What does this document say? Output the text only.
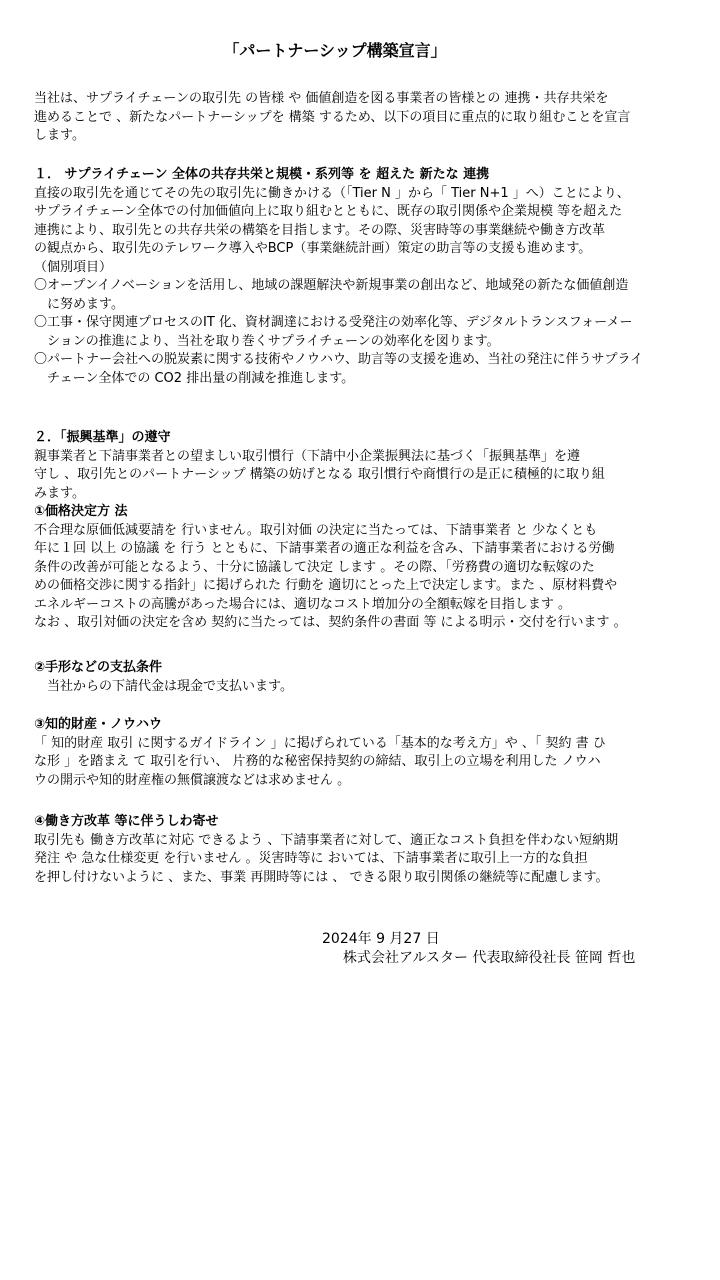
「パートナーシップ構築宣言」
当社は、サプライチェーンの取引先 の皆様 や 価値創造を図る事業者の皆様との 連携・共存共栄を
進めることで 、新たなパートナーシップを 構築 するため、以下の項目に重点的に取り組むことを宣言
します。
１． サプライチェーン 全体の共存共栄と規模・系列等 を 超えた 新たな 連携
直接の取引先を通じてその先の取引先に働きかける（「Tier N 」から「 Tier N+1 」へ）ことにより、
サプライチェーン全体での付加価値向上に取り組むとともに、既存の取引関係や企業規模 等を超えた
連携により、取引先との共存共栄の構築を目指します。その際、災害時等の事業継続や働き方改革
の観点から、取引先のテレワーク導入やBCP（事業継続計画）策定の助言等の支援も進めます。
（個別項目）
〇オープンイノベーションを活用し、地域の課題解決や新規事業の創出など、地域発の新たな価値創造
　に努めます。
〇工事・保守関連プロセスのIT 化、資材調達における受発注の効率化等、デジタルトランスフォーメー
　ションの推進により、当社を取り巻くサプライチェーンの効率化を図ります。
〇パートナー会社への脱炭素に関する技術やノウハウ、助言等の支援を進め、当社の発注に伴うサプライ
　チェーン全体での CO2 排出量の削減を推進します。
２．「振興基準」の遵守
親事業者と下請事業者との望ましい取引慣行（下請中小企業振興法に基づく「振興基準」を遵
守し 、取引先とのパートナーシップ 構築の妨げとなる 取引慣行や商慣行の是正に積極的に取り組
みます。
①価格決定方 法
不合理な原価低減要請を 行いません。取引対価 の決定に当たっては、下請事業者 と 少なくとも
年に１回 以上 の協議 を 行う とともに、下請事業者の適正な利益を含み、下請事業者における労働
条件の改善が可能となるよう、十分に協議して決定 します 。その際、「労務費の適切な転嫁のた
めの価格交渉に関する指針」に掲げられた 行動を 適切にとった上で決定します。また 、原材料費や
エネルギーコストの高騰があった場合には、適切なコスト増加分の全額転嫁を目指します 。
なお 、取引対価の決定を含め 契約に当たっては、契約条件の書面 等 による明示・交付を行います 。
②手形などの支払条件
　当社からの下請代金は現金で支払います。
③知的財産・ノウハウ
「 知的財産 取引 に関するガイドライン 」に掲げられている「基本的な考え方」や 、「 契約 書 ひ
な形 」を踏まえ て 取引を行い、 片務的な秘密保持契約の締結、取引上の立場を利用した ノウハ
ウの開示や知的財産権の無償譲渡などは求めません 。
④働き方改革 等に伴うしわ寄せ
取引先も 働き方改革に対応 できるよう 、下請事業者に対して、適正なコスト負担を伴わない短納期
発注 や 急な仕様変更 を行いません 。災害時等に おいては、下請事業者に取引上一方的な負担
を押し付けないように 、また、事業 再開時等には 、 できる限り取引関係の継続等に配慮します。
2024年 9 月27 日
株式会社アルスター 代表取締役社長 笹岡 哲也
